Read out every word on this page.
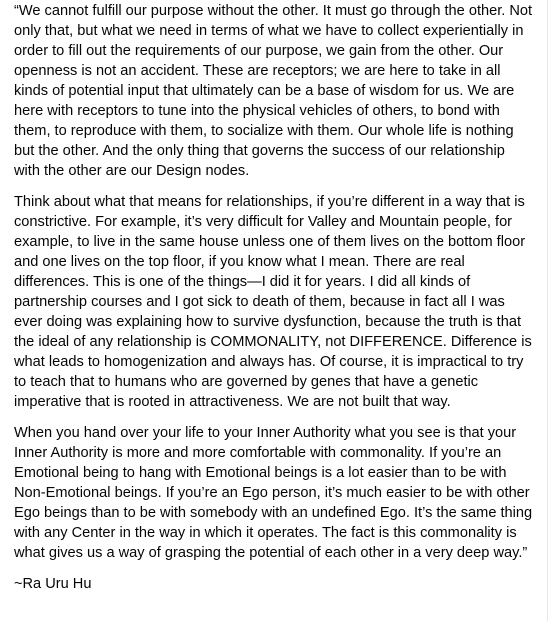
“We cannot fulfill our purpose without the other. It must go through the other. Not only that, but what we need in terms of what we have to collect experientially in order to fill out the requirements of our purpose, we gain from the other. Our openness is not an accident. These are receptors; we are here to take in all kinds of potential input that ultimately can be a base of wisdom for us. We are here with receptors to tune into the physical vehicles of others, to bond with them, to reproduce with them, to socialize with them. Our whole life is nothing but the other. And the only thing that governs the success of our relationship with the other are our Design nodes.

Think about what that means for relationships, if you’re different in a way that is constrictive. For example, it’s very difficult for Valley and Mountain people, for example, to live in the same house unless one of them lives on the bottom floor and one lives on the top floor, if you know what I mean. There are real differences. This is one of the things—I did it for years. I did all kinds of partnership courses and I got sick to death of them, because in fact all I was ever doing was explaining how to survive dysfunction, because the truth is that the ideal of any relationship is COMMONALITY, not DIFFERENCE. Difference is what leads to homogenization and always has. Of course, it is impractical to try to teach that to humans who are governed by genes that have a genetic imperative that is rooted in attractiveness. We are not built that way.

When you hand over your life to your Inner Authority what you see is that your Inner Authority is more and more comfortable with commonality. If you’re an Emotional being to hang with Emotional beings is a lot easier than to be with Non-Emotional beings. If you’re an Ego person, it’s much easier to be with other Ego beings than to be with somebody with an undefined Ego. It’s the same thing with any Center in the way in which it operates. The fact is this commonality is what gives us a way of grasping the potential of each other in a very deep way.”

~Ra Uru Hu
